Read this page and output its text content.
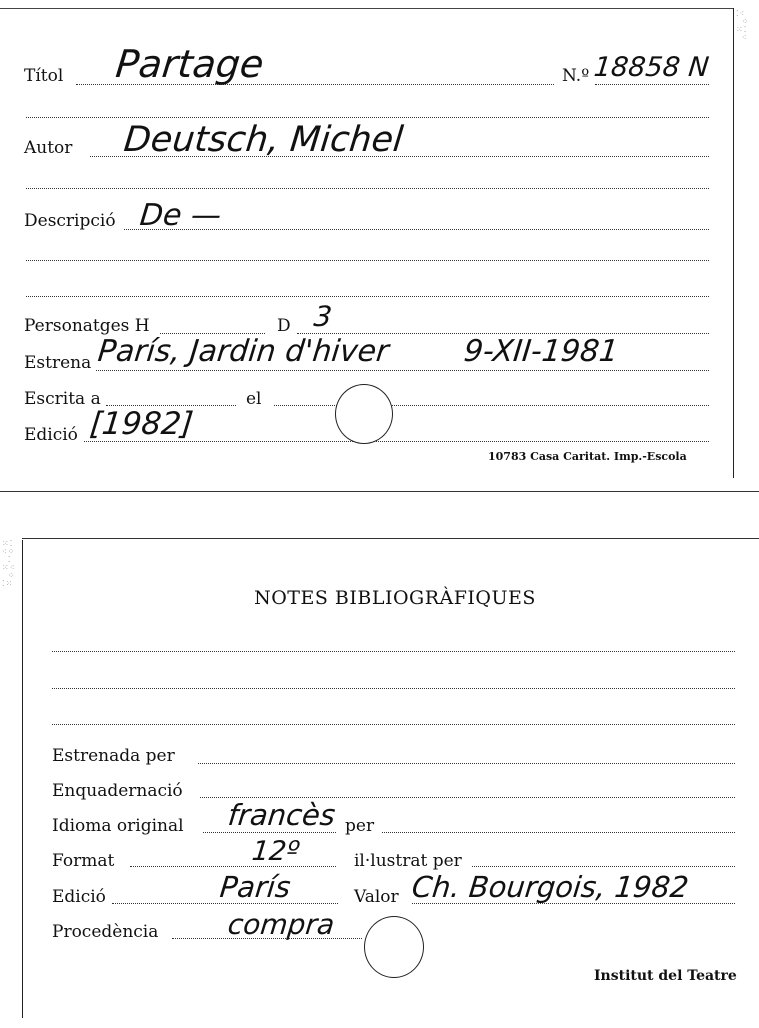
⁚⁖
⁘
⁙⁚
⁖
Títol Partage	N.º 18858 N
Autor Deutsch, Michel
Descripció De —
Personatges H	D 3
Estrena París, Jardin d'hiver 9-XII-1981
Escrita a	el
Edició [1982]
10783 Casa Caritat. Imp.-Escola
⁙⁚
⁖⁘
⁚
⁙⁖
⁘
⁚⁙
NOTES BIBLIOGRÀFIQUES
Estrenada per
Enquadernació
Idioma original francès per
Format	12º	il·lustrat per
Edició	París	Valor Ch. Bourgois, 1982
Procedència compra
Institut del Teatre
